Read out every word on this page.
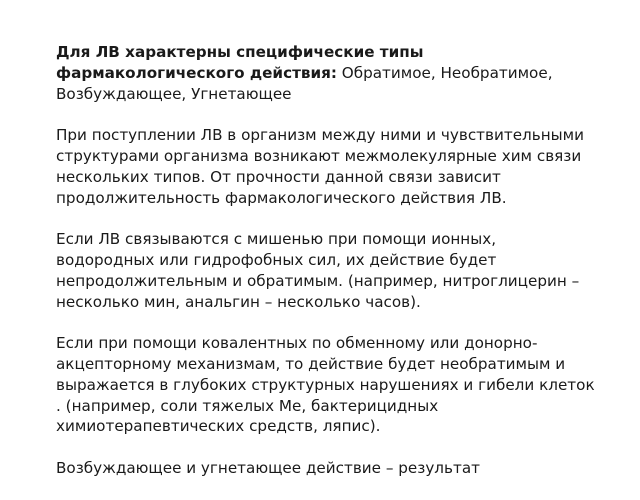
Для ЛВ характерны специфические типы фармакологического действия: Обратимое, Необратимое, Возбуждающее, Угнетающее

При поступлении ЛВ в организм между ними и чувствительными структурами организма возникают межмолекулярные хим связи нескольких типов. От прочности данной связи зависит продолжительность фармакологического действия ЛВ.

Если ЛВ связываются с мишенью при помощи ионных, водородных или гидрофобных сил, их действие будет непродолжительным и обратимым. (например, нитроглицерин – несколько мин, анальгин – несколько часов).

Если при помощи ковалентных по обменному или донорно-акцепторному механизмам, то действие будет необратимым и выражается в глубоких структурных нарушениях и гибели клеток . (например, соли тяжелых Ме, бактерицидных химиотерапевтических средств, ляпис).

Возбуждающее и угнетающее действие – результат
